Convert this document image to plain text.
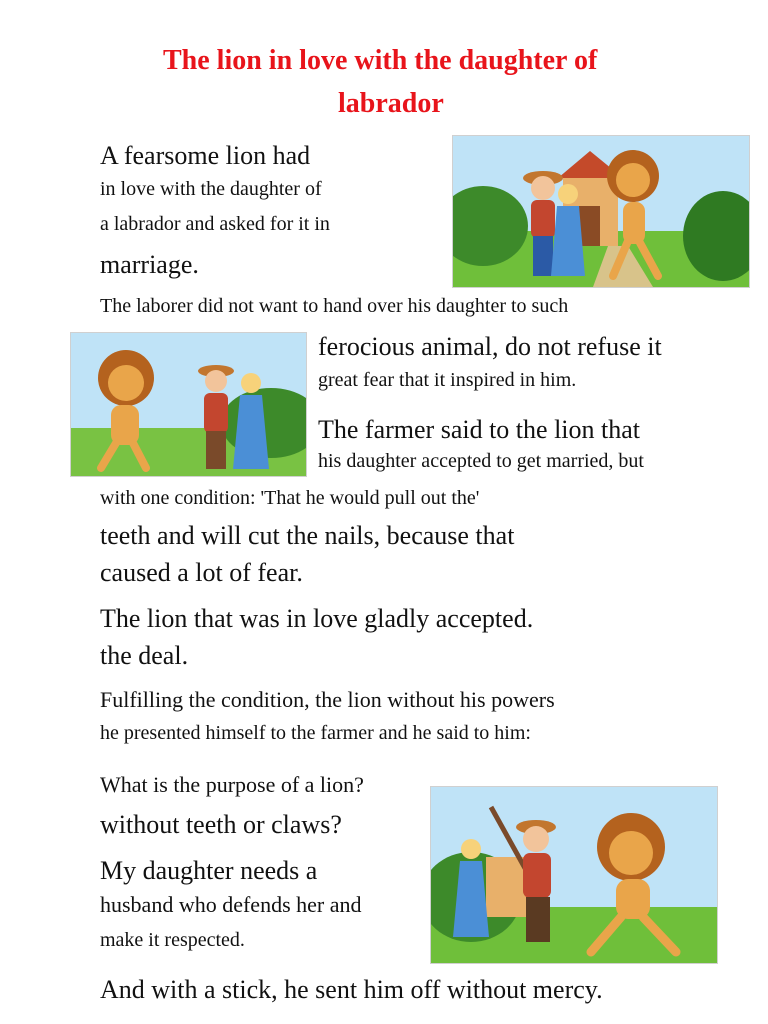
The lion in love with the daughter of
labrador
A fearsome lion had
in love with the daughter of
a labrador and asked for it in
marriage.
The laborer did not want to hand over his daughter to such
ferocious animal, do not refuse it
great fear that it inspired in him.
The farmer said to the lion that
his daughter accepted to get married, but
with one condition: 'That he would pull out the'
teeth and will cut the nails, because that
caused a lot of fear.
The lion that was in love gladly accepted.
the deal.
Fulfilling the condition, the lion without his powers
he presented himself to the farmer and he said to him:
What is the purpose of a lion?
without teeth or claws?
My daughter needs a
husband who defends her and
make it respected.
And with a stick, he sent him off without mercy.
